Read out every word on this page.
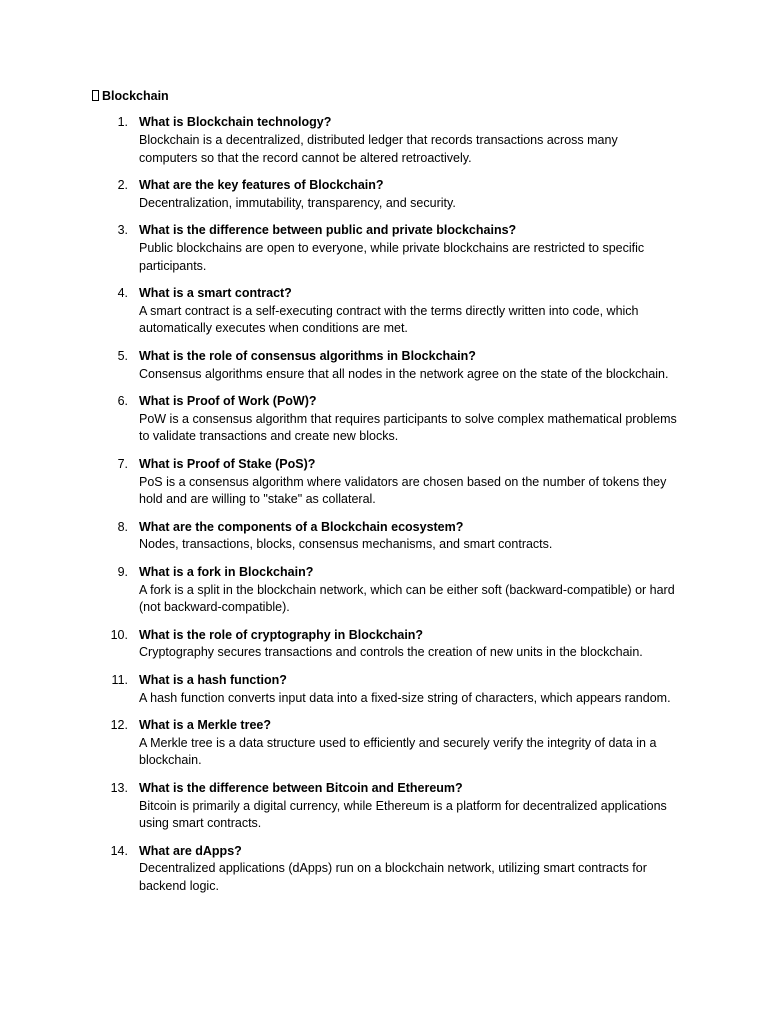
Blockchain
1. What is Blockchain technology?
Blockchain is a decentralized, distributed ledger that records transactions across many computers so that the record cannot be altered retroactively.
2. What are the key features of Blockchain?
Decentralization, immutability, transparency, and security.
3. What is the difference between public and private blockchains?
Public blockchains are open to everyone, while private blockchains are restricted to specific participants.
4. What is a smart contract?
A smart contract is a self-executing contract with the terms directly written into code, which automatically executes when conditions are met.
5. What is the role of consensus algorithms in Blockchain?
Consensus algorithms ensure that all nodes in the network agree on the state of the blockchain.
6. What is Proof of Work (PoW)?
PoW is a consensus algorithm that requires participants to solve complex mathematical problems to validate transactions and create new blocks.
7. What is Proof of Stake (PoS)?
PoS is a consensus algorithm where validators are chosen based on the number of tokens they hold and are willing to "stake" as collateral.
8. What are the components of a Blockchain ecosystem?
Nodes, transactions, blocks, consensus mechanisms, and smart contracts.
9. What is a fork in Blockchain?
A fork is a split in the blockchain network, which can be either soft (backward-compatible) or hard (not backward-compatible).
10. What is the role of cryptography in Blockchain?
Cryptography secures transactions and controls the creation of new units in the blockchain.
11. What is a hash function?
A hash function converts input data into a fixed-size string of characters, which appears random.
12. What is a Merkle tree?
A Merkle tree is a data structure used to efficiently and securely verify the integrity of data in a blockchain.
13. What is the difference between Bitcoin and Ethereum?
Bitcoin is primarily a digital currency, while Ethereum is a platform for decentralized applications using smart contracts.
14. What are dApps?
Decentralized applications (dApps) run on a blockchain network, utilizing smart contracts for backend logic.
